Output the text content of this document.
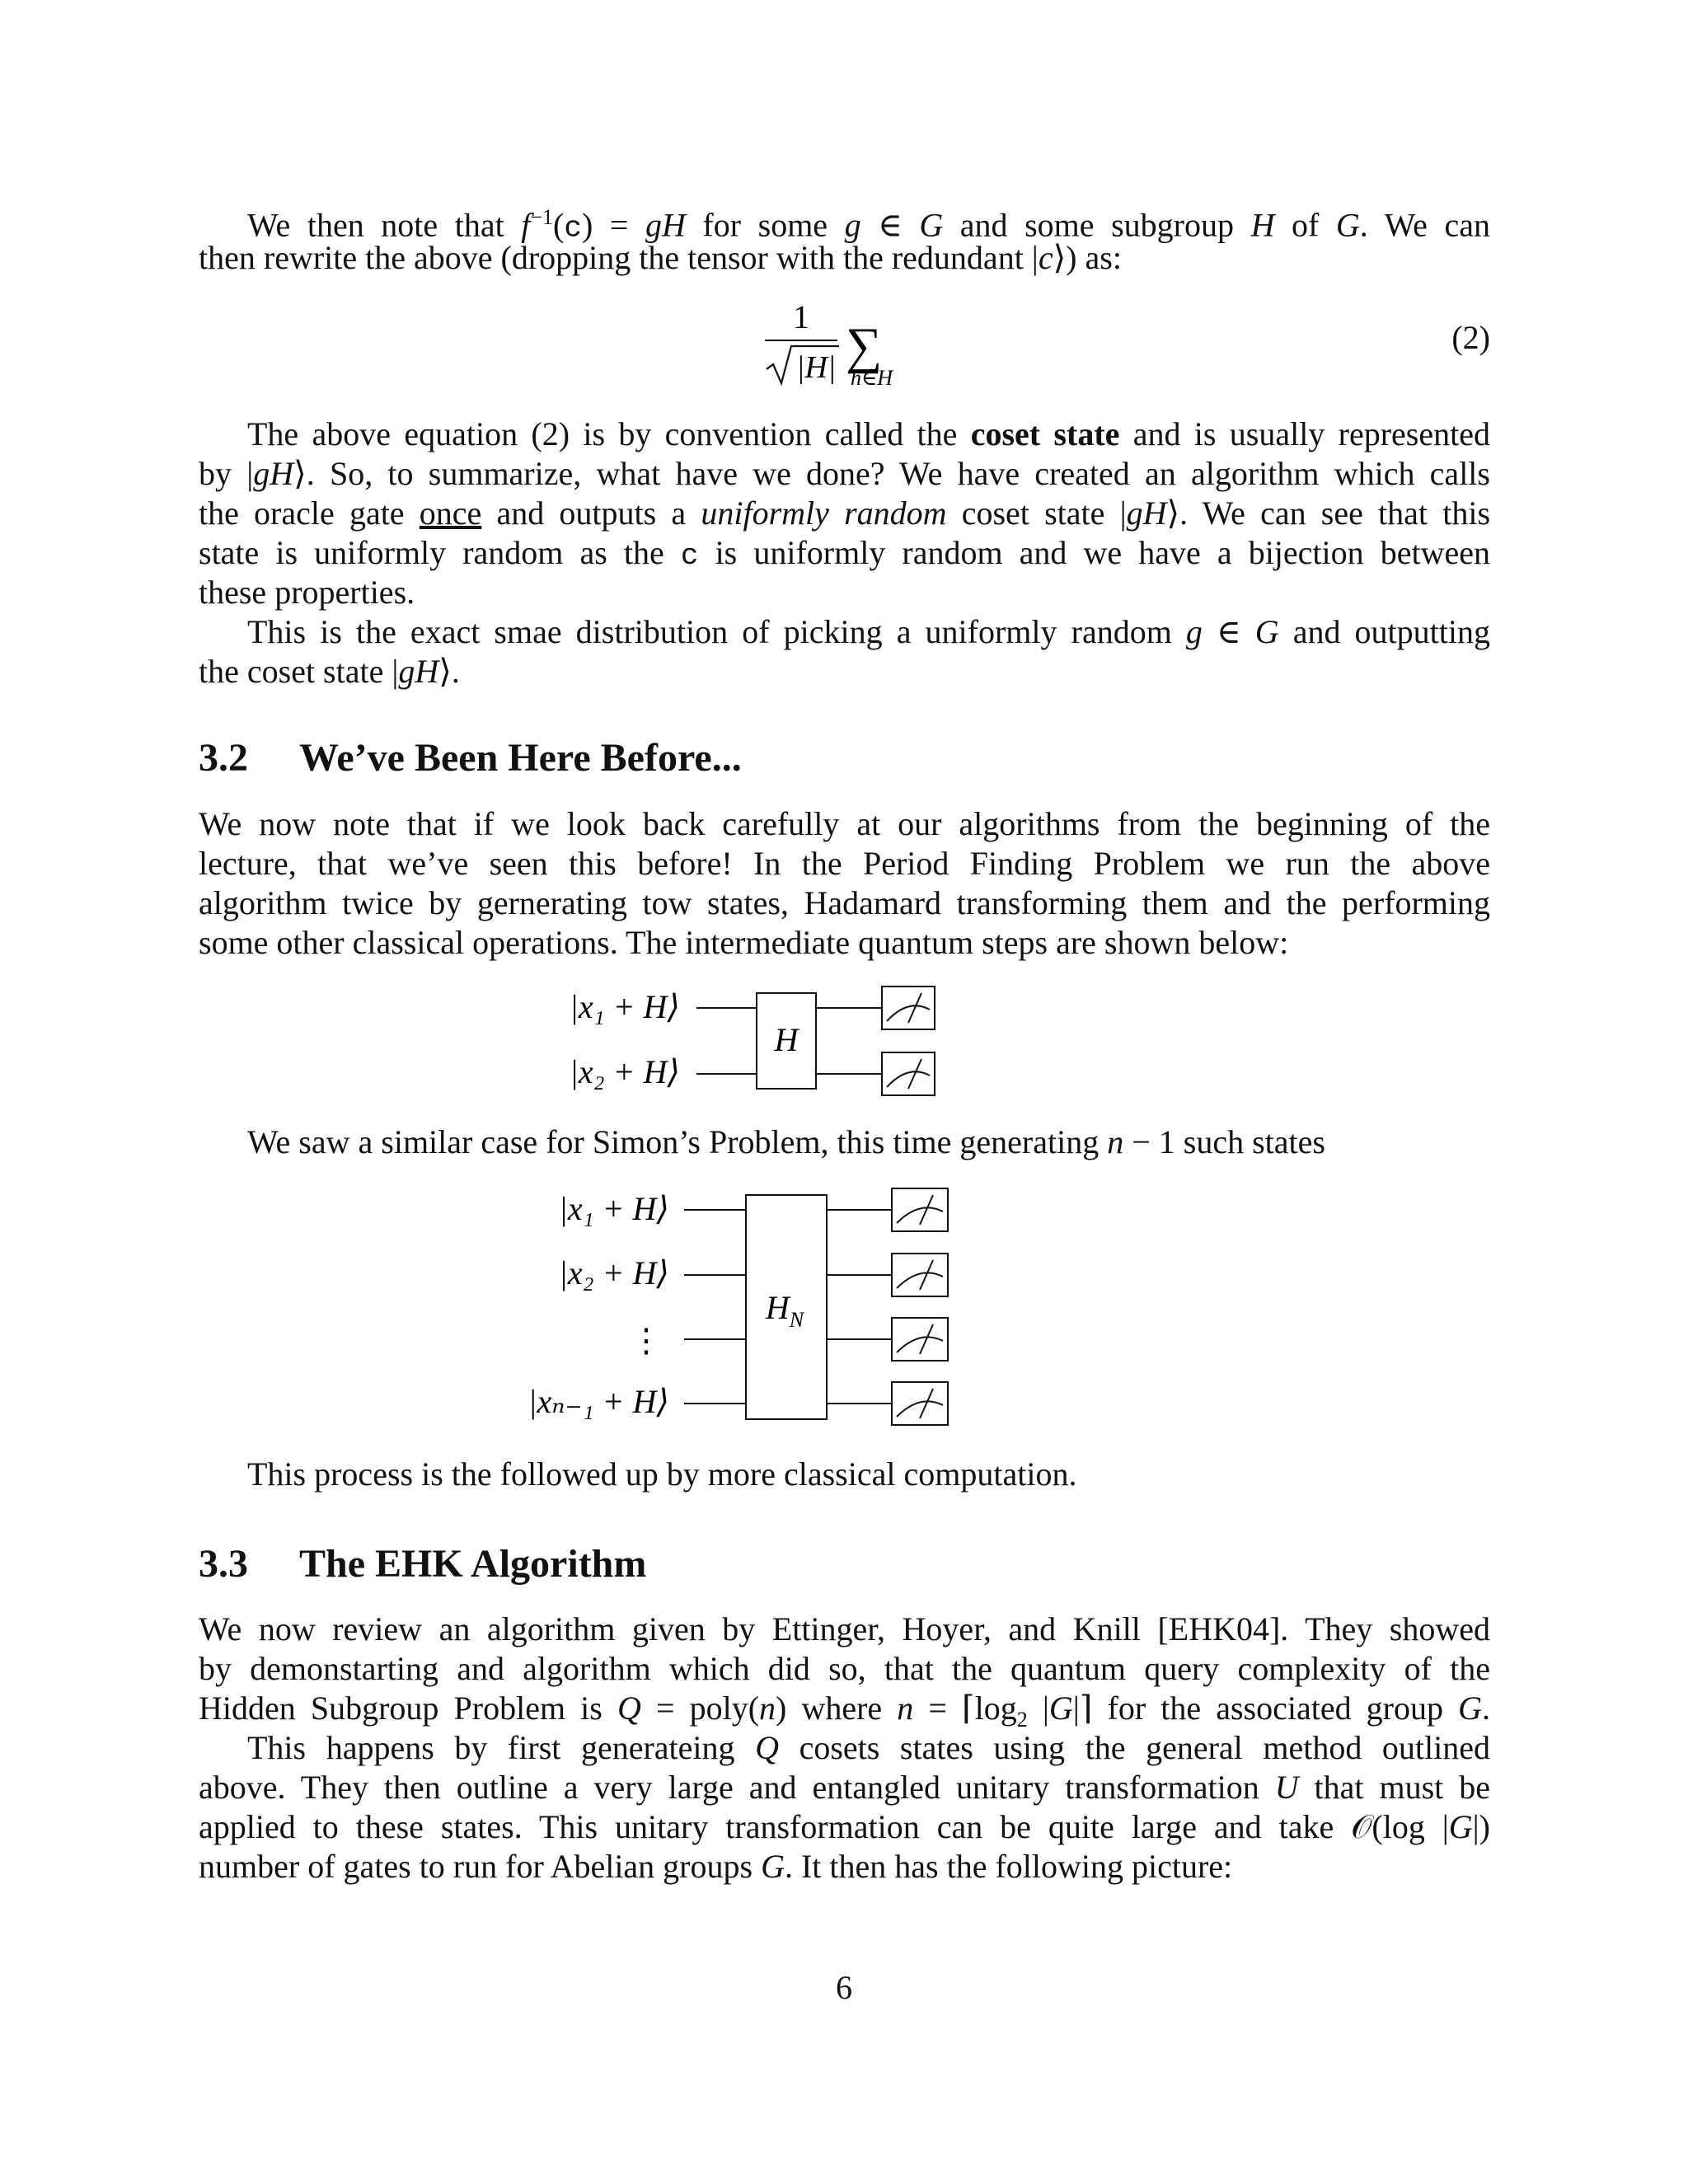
We then note that $f^{-1}(c)$ = gH for some g ∈ G and some subgroup H of G. We can
then rewrite the above (dropping the tensor with the redundant |c⟩) as:
1
|H| ∑
h∈H
(2)
The above equation (2) is by convention called the coset state and is usually represented
by |gH⟩. So, to summarize, what have we done? We have created an algorithm which calls
the oracle gate once and outputs a uniformly random coset state |gH⟩. We can see that this
state is uniformly random as the c is uniformly random and we have a bijection between
these properties.
This is the exact smae distribution of picking a uniformly random g ∈ G and outputting
the coset state |gH⟩.
3.2 We’ve Been Here Before...
We now note that if we look back carefully at our algorithms from the beginning of the
lecture, that we’ve seen this before! In the Period Finding Problem we run the above
algorithm twice by gernerating tow states, Hadamard transforming them and the performing
some other classical operations. The intermediate quantum steps are shown below:
|x₁ + H⟩
|x₂ + H⟩
H
We saw a similar case for Simon’s Problem, this time generating n − 1 such states
|x₁ + H⟩
|x₂ + H⟩
⋮
|xₙ₋₁ + H⟩
$H_N$
This process is the followed up by more classical computation.
3.3 The EHK Algorithm
We now review an algorithm given by Ettinger, Hoyer, and Knill [EHK04]. They showed
by demonstarting and algorithm which did so, that the quantum query complexity of the
Hidden Subgroup Problem is Q = poly(n) where $n = ⌈\log_2$ |G|⌉ for the associated group G.
This happens by first generateing Q cosets states using the general method outlined
above. They then outline a very large and entangled unitary transformation U that must be
applied to these states. This unitary transformation can be quite large and take 𝒪(log |G|)
number of gates to run for Abelian groups G. It then has the following picture:
6
